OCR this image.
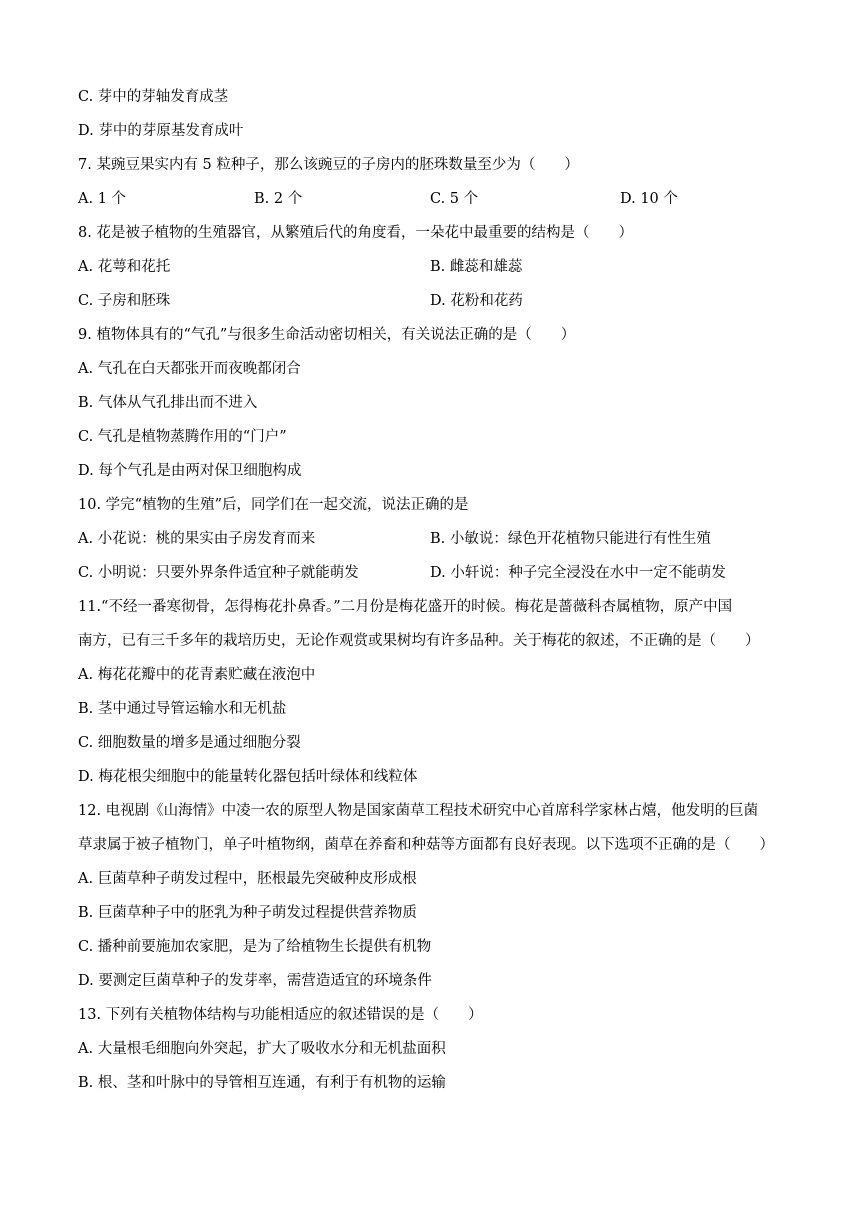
C. 芽中的芽轴发育成茎
D. 芽中的芽原基发育成叶
7. 某豌豆果实内有 5 粒种子，那么该豌豆的子房内的胚珠数量至少为（　　）
A. 1 个	B. 2 个	C. 5 个	D. 10 个
8. 花是被子植物的生殖器官，从繁殖后代的角度看，一朵花中最重要的结构是（　　）
A. 花萼和花托	B. 雌蕊和雄蕊
C. 子房和胚珠	D. 花粉和花药
9. 植物体具有的“气孔”与很多生命活动密切相关，有关说法正确的是（　　）
A. 气孔在白天都张开而夜晚都闭合
B. 气体从气孔排出而不进入
C. 气孔是植物蒸腾作用的“门户”
D. 每个气孔是由两对保卫细胞构成
10. 学完“植物的生殖”后，同学们在一起交流，说法正确的是
A. 小花说：桃的果实由子房发育而来	B. 小敏说：绿色开花植物只能进行有性生殖
C. 小明说：只要外界条件适宜种子就能萌发	D. 小轩说：种子完全浸没在水中一定不能萌发
11.“不经一番寒彻骨，怎得梅花扑鼻香。”二月份是梅花盛开的时候。梅花是蔷薇科杏属植物，原产中国
南方，已有三千多年的栽培历史，无论作观赏或果树均有许多品种。关于梅花的叙述，不正确的是（　　）
A. 梅花花瓣中的花青素贮藏在液泡中
B. 茎中通过导管运输水和无机盐
C. 细胞数量的增多是通过细胞分裂
D. 梅花根尖细胞中的能量转化器包括叶绿体和线粒体
12. 电视剧《山海情》中凌一农的原型人物是国家菌草工程技术研究中心首席科学家林占熺，他发明的巨菌
草隶属于被子植物门，单子叶植物纲，菌草在养畜和种菇等方面都有良好表现。以下选项不正确的是（　　）
A. 巨菌草种子萌发过程中，胚根最先突破种皮形成根
B. 巨菌草种子中的胚乳为种子萌发过程提供营养物质
C. 播种前要施加农家肥，是为了给植物生长提供有机物
D. 要测定巨菌草种子的发芽率，需营造适宜的环境条件
13. 下列有关植物体结构与功能相适应的叙述错误的是（　　）
A. 大量根毛细胞向外突起，扩大了吸收水分和无机盐面积
B. 根、茎和叶脉中的导管相互连通，有利于有机物的运输
